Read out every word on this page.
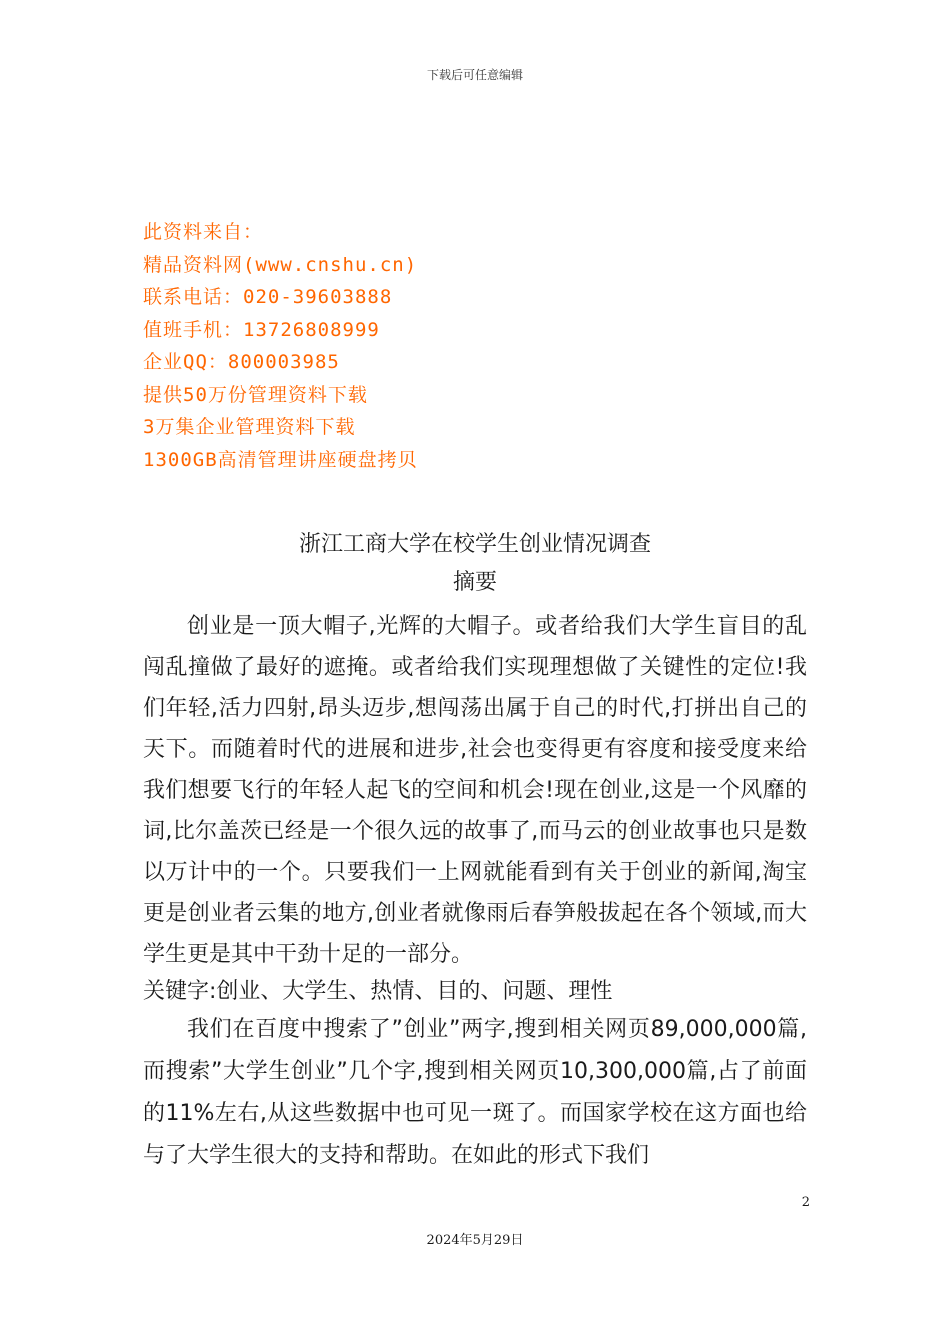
下载后可任意编辑
此资料来自：
精品资料网(www.cnshu.cn)
联系电话：020-39603888
值班手机：13726808999
企业QQ：800003985
提供50万份管理资料下载
3万集企业管理资料下载
1300GB高清管理讲座硬盘拷贝
浙江工商大学在校学生创业情况调查
摘要

创业是一顶大帽子,光辉的大帽子。或者给我们大学生盲目的乱闯乱撞做了最好的遮掩。或者给我们实现理想做了关键性的定位!我们年轻,活力四射,昂头迈步,想闯荡出属于自己的时代,打拼出自己的天下。而随着时代的进展和进步,社会也变得更有容度和接受度来给我们想要飞行的年轻人起飞的空间和机会!现在创业,这是一个风靡的词,比尔盖茨已经是一个很久远的故事了,而马云的创业故事也只是数以万计中的一个。只要我们一上网就能看到有关于创业的新闻,淘宝更是创业者云集的地方,创业者就像雨后春笋般拔起在各个领域,而大学生更是其中干劲十足的一部分。

关键字:创业、大学生、热情、目的、问题、理性

我们在百度中搜索了”创业”两字,搜到相关网页89,000,000篇,而搜索”大学生创业”几个字,搜到相关网页10,300,000篇,占了前面的11%左右,从这些数据中也可见一斑了。而国家学校在这方面也给与了大学生很大的支持和帮助。在如此的形式下我们

2
2024年5月29日
